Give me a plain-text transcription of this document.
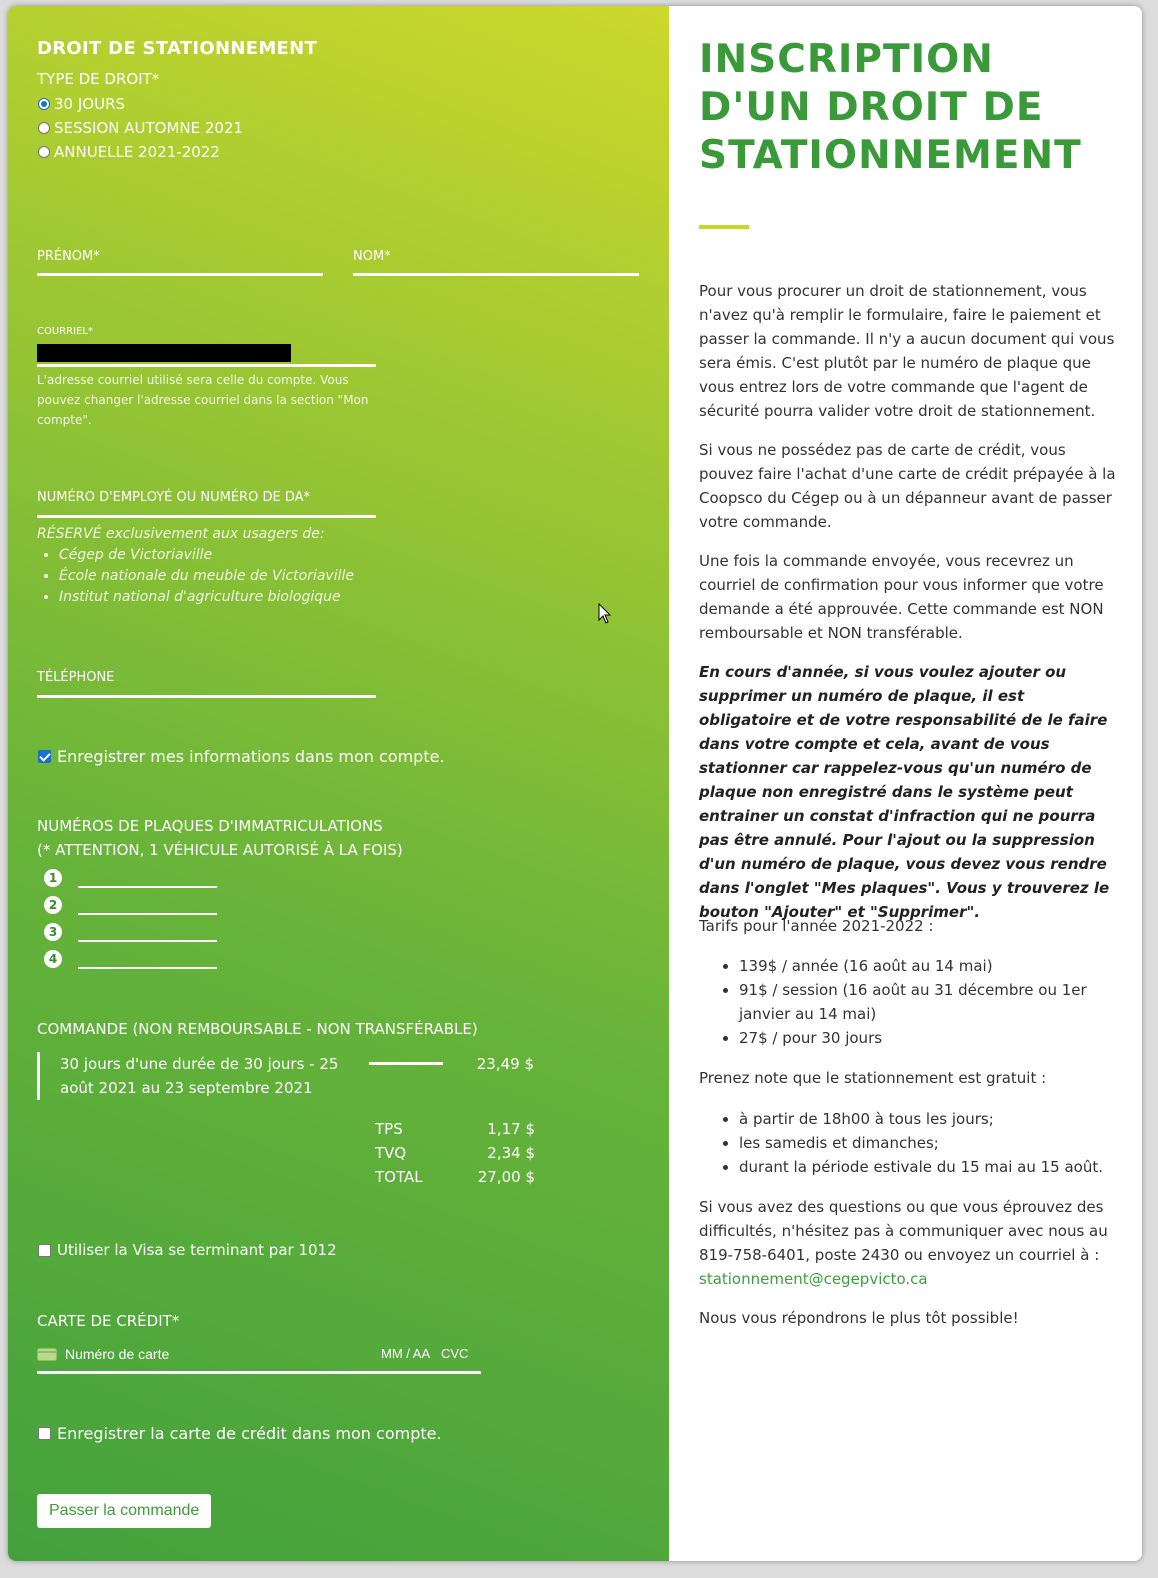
DROIT DE STATIONNEMENT
TYPE DE DROIT*
30 JOURS
SESSION AUTOMNE 2021
ANNUELLE 2021-2022
PRÉNOM*	NOM*
COURRIEL*
L'adresse courriel utilisé sera celle du compte. Vous pouvez changer l'adresse courriel dans la section "Mon compte".
NUMÉRO D'EMPLOYÉ OU NUMÉRO DE DA*
RÉSERVÉ exclusivement aux usagers de:
• Cégep de Victoriaville
• École nationale du meuble de Victoriaville
• Institut national d'agriculture biologique
TÉLÉPHONE
Enregistrer mes informations dans mon compte.
NUMÉROS DE PLAQUES D'IMMATRICULATIONS
(* ATTENTION, 1 VÉHICULE AUTORISÉ À LA FOIS)
1
2
3
4
COMMANDE (NON REMBOURSABLE - NON TRANSFÉRABLE)
30 jours d'une durée de 30 jours - 25 août 2021 au 23 septembre 2021
23,49 $
TPS	1,17 $
TVQ	2,34 $
TOTAL	27,00 $
Utiliser la Visa se terminant par 1012
CARTE DE CRÉDIT*
Numéro de carte	MM / AA CVC
Enregistrer la carte de crédit dans mon compte.
Passer la commande
INSCRIPTION D'UN DROIT DE STATIONNEMENT
Pour vous procurer un droit de stationnement, vous n'avez qu'à remplir le formulaire, faire le paiement et passer la commande. Il n'y a aucun document qui vous sera émis. C'est plutôt par le numéro de plaque que vous entrez lors de votre commande que l'agent de sécurité pourra valider votre droit de stationnement.
Si vous ne possédez pas de carte de crédit, vous pouvez faire l'achat d'une carte de crédit prépayée à la Coopsco du Cégep ou à un dépanneur avant de passer votre commande.
Une fois la commande envoyée, vous recevrez un courriel de confirmation pour vous informer que votre demande a été approuvée. Cette commande est NON remboursable et NON transférable.
En cours d'année, si vous voulez ajouter ou supprimer un numéro de plaque, il est obligatoire et de votre responsabilité de le faire dans votre compte et cela, avant de vous stationner car rappelez-vous qu'un numéro de plaque non enregistré dans le système peut entrainer un constat d'infraction qui ne pourra pas être annulé. Pour l'ajout ou la suppression d'un numéro de plaque, vous devez vous rendre dans l'onglet "Mes plaques". Vous y trouverez le bouton "Ajouter" et "Supprimer".
Tarifs pour l'année 2021-2022 :
• 139$ / année (16 août au 14 mai)
• 91$ / session (16 août au 31 décembre ou 1er janvier au 14 mai)
• 27$ / pour 30 jours
Prenez note que le stationnement est gratuit :
• à partir de 18h00 à tous les jours;
• les samedis et dimanches;
• durant la période estivale du 15 mai au 15 août.
Si vous avez des questions ou que vous éprouvez des difficultés, n'hésitez pas à communiquer avec nous au 819-758-6401, poste 2430 ou envoyez un courriel à : stationnement@cegepvicto.ca
Nous vous répondrons le plus tôt possible!
